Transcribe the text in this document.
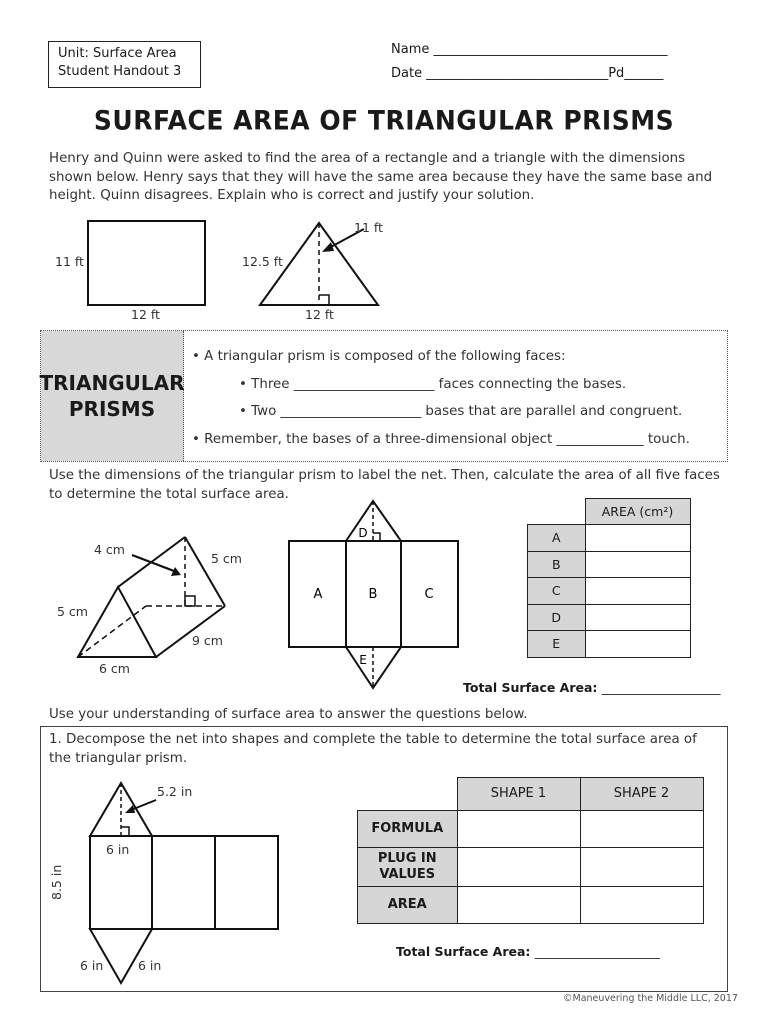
Unit: Surface Area
Student Handout 3
Name ____________________________________
Date ____________________________Pd______
SURFACE AREA OF TRIANGULAR PRISMS
Henry and Quinn were asked to find the area of a rectangle and a triangle with the dimensions shown below. Henry says that they will have the same area because they have the same base and height. Quinn disagrees. Explain who is correct and justify your solution.
11 ft
12 ft
12.5 ft
11 ft
12 ft
TRIANGULAR
PRISMS
• A triangular prism is composed of the following faces:
• Three _____________________ faces connecting the bases.
• Two _____________________ bases that are parallel and congruent.
• Remember, the bases of a three-dimensional object _____________ touch.
Use the dimensions of the triangular prism to label the net. Then, calculate the area of all five faces to determine the total surface area.
4 cm
5 cm
5 cm
9 cm
6 cm
A	B	C
D
E
	AREA (cm²)
A	
B	
C	
D	
E	
Total Surface Area: ___________________
Use your understanding of surface area to answer the questions below.
1. Decompose the net into shapes and complete the table to determine the total surface area of the triangular prism.
5.2 in
6 in
8.5 in
6 in	6 in
	SHAPE 1	SHAPE 2
FORMULA		

PLUG IN
VALUES		

AREA		
Total Surface Area: ____________________
©Maneuvering the Middle LLC, 2017
